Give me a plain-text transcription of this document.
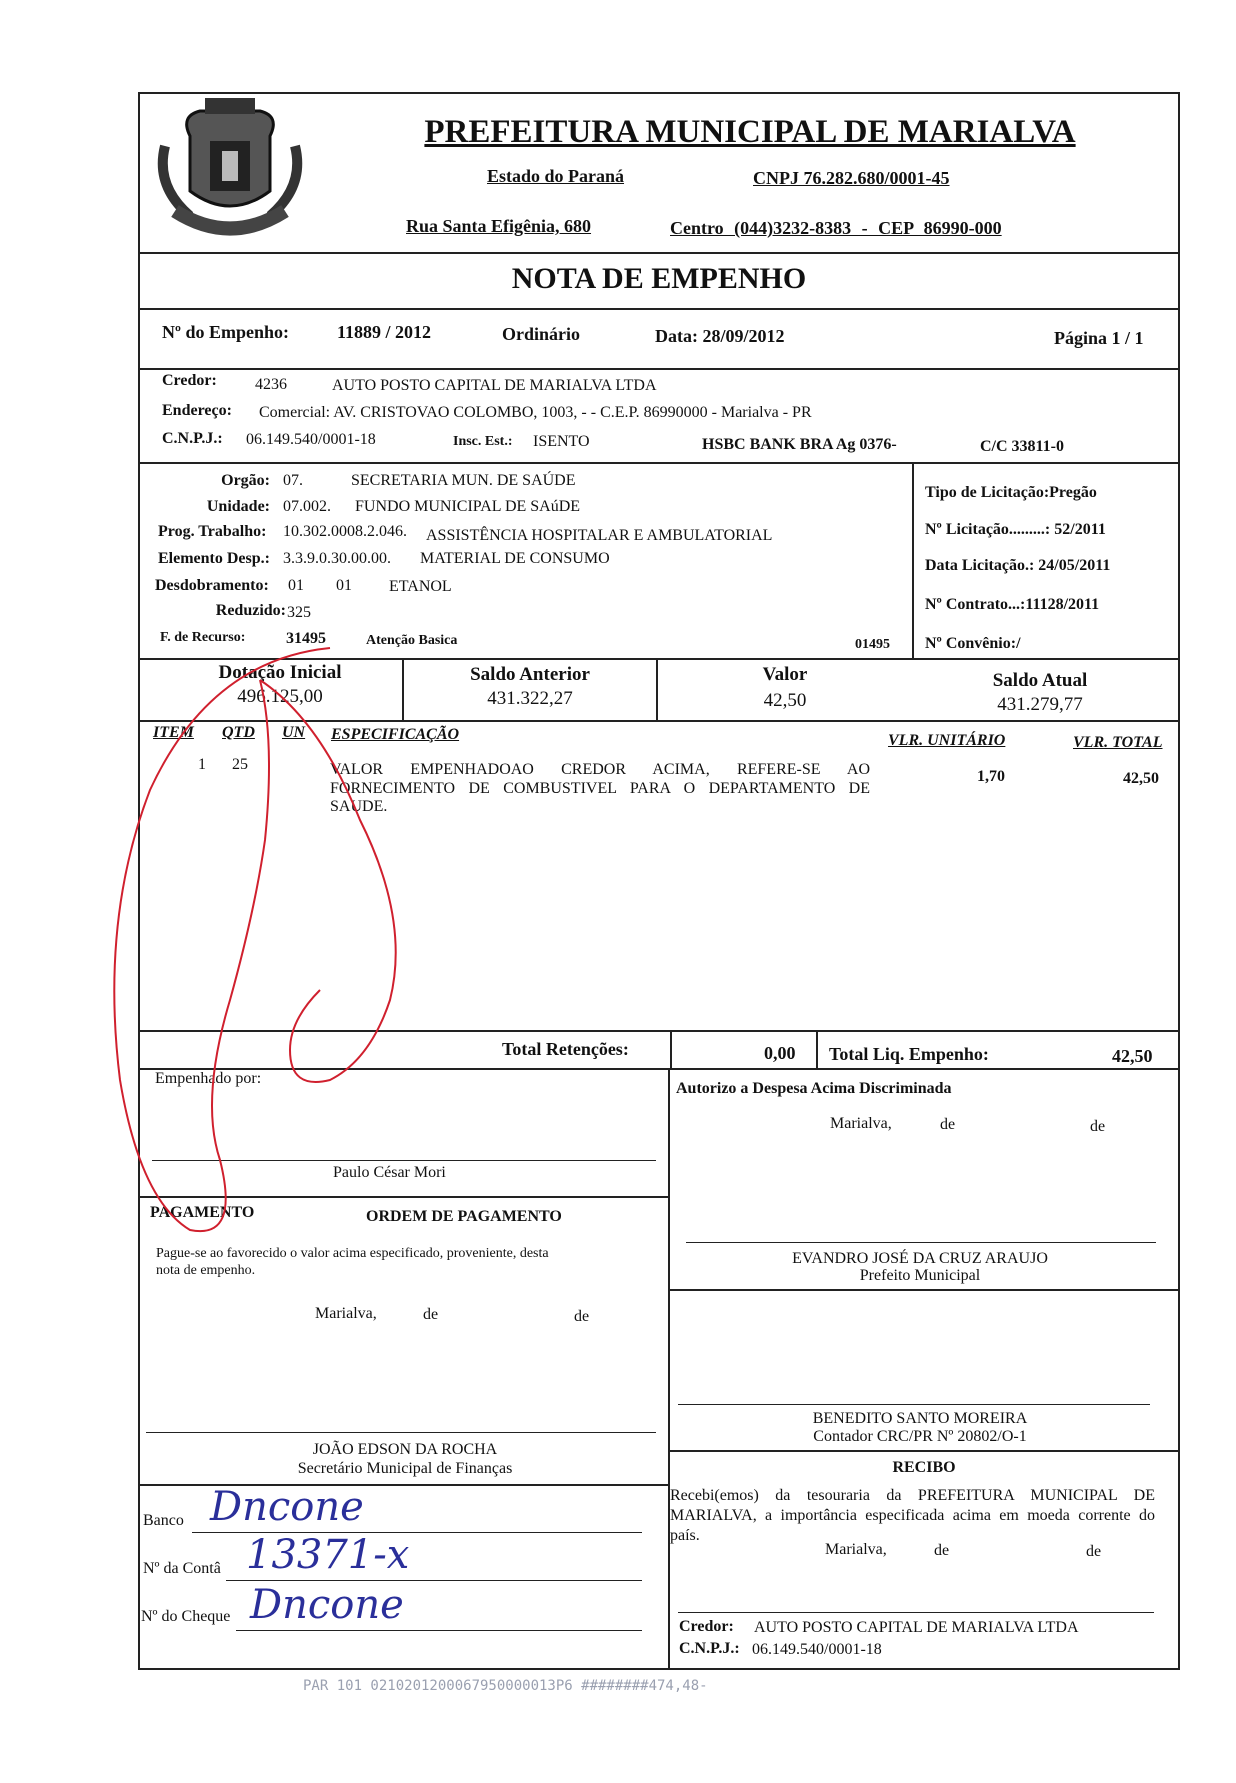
PREFEITURA MUNICIPAL DE MARIALVA
Estado do Paraná	CNPJ 76.282.680/0001-45
Rua Santa Efigênia, 680	Centro (044)3232-8383 - CEP 86990-000
NOTA DE EMPENHO
Nº do Empenho:	11889 / 2012	Ordinário	Data: 28/09/2012	Página 1 / 1
Credor: 4236	AUTO POSTO CAPITAL DE MARIALVA LTDA
Endereço: Comercial: AV. CRISTOVAO COLOMBO, 1003, - - C.E.P. 86990000 - Marialva - PR
C.N.P.J.: 06.149.540/0001-18	Insc. Est.: ISENTO	HSBC BANK BRA Ag 0376-	C/C 33811-0
Orgão: 07.	SECRETARIA MUN. DE SAÚDE
Unidade: 07.002. FUNDO MUNICIPAL DE SAúDE
Prog. Trabalho: 10.302.0008.2.046. ASSISTÊNCIA HOSPITALAR E AMBULATORIAL
Elemento Desp.: 3.3.9.0.30.00.00. MATERIAL DE CONSUMO
Desdobramento: 01 01 ETANOL
Reduzido: 325
F. de Recurso:	31495	Atenção Basica	01495
Tipo de Licitação:Pregão
Nº Licitação.........: 52/2011
Data Licitação.: 24/05/2011
Nº Contrato...:11128/2011
Nº Convênio:/
Dotação Inicial
496.125,00
Saldo Anterior
431.322,27
Valor
42,50
Saldo Atual
431.279,77
ITEM QTD UN ESPECIFICAÇÃO	VLR. UNITÁRIO	VLR. TOTAL
1 25	VALOR EMPENHADOAO CREDOR ACIMA, REFERE-SE AO
FORNECIMENTO DE COMBUSTIVEL PARA O DEPARTAMENTO DE
SAUDE.
1,70	42,50
Total Retenções:	0,00 Total Liq. Empenho:	42,50
Empenhado por:
Paulo César Mori
PAGAMENTO	ORDEM DE PAGAMENTO
Pague-se ao favorecido o valor acima especificado, proveniente, desta
nota de empenho.
Marialva,	de	de
JOÃO EDSON DA ROCHA
Secretário Municipal de Finanças
Banco Dncone
Nº da Contâ 13371-x
Nº do Cheque Dncone
Autorizo a Despesa Acima Discriminada
Marialva,	de	de
EVANDRO JOSÉ DA CRUZ ARAUJO
Prefeito Municipal
BENEDITO SANTO MOREIRA
Contador CRC/PR Nº 20802/O-1
RECIBO
Recebi(emos) da tesouraria da PREFEITURA MUNICIPAL DE
MARIALVA, a importância especificada acima em moeda corrente do
país.
Marialva,	de	de
Credor: AUTO POSTO CAPITAL DE MARIALVA LTDA
C.N.P.J.: 06.149.540/0001-18
PAR 101 0210201200067950000013P6 ########474,48-
